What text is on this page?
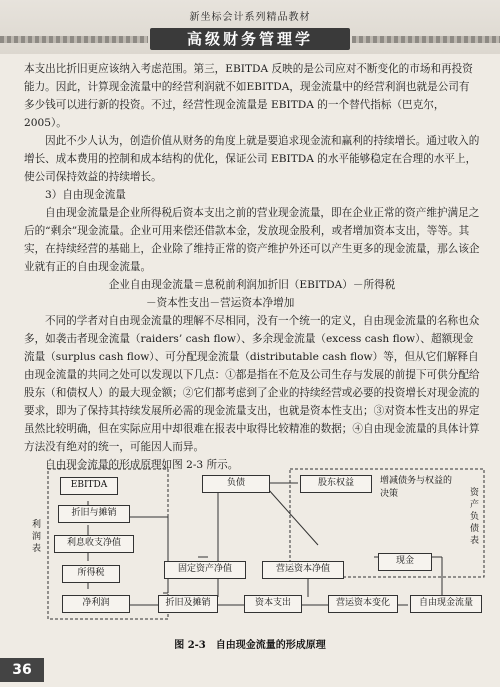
新坐标会计系列精品教材
高级财务管理学

本支出比折旧更应该纳入考虑范围。第三，EBITDA 反映的是公司应对不断变化的市场和再投资能力。因此，计算现金流量中的经营利润就不如EBITDA，现金流量中的经营利润也就是公司有多少钱可以进行新的投资。不过，经营性现金流量是 EBITDA 的一个替代指标（巴克尔，2005）。

因此不少人认为，创造价值从财务的角度上就是要追求现金流和赢利的持续增长。通过收入的增长、成本费用的控制和成本结构的优化，保证公司 EBITDA 的水平能够稳定在合理的水平上，使公司保持效益的持续增长。

3）自由现金流量

自由现金流量是企业所得税后资本支出之前的营业现金流量，即在企业正常的资产维护满足之后的“剩余”现金流量。企业可用来偿还借款本金，发放现金股利，或者增加资本支出，等等。其实，在持续经营的基础上，企业除了维持正常的资产维护外还可以产生更多的现金流量，那么该企业就有正的自由现金流量。

企业自由现金流量＝息税前利润加折旧（EBITDA）－所得税

－资本性支出－营运资本净增加

不同的学者对自由现金流量的理解不尽相同，没有一个统一的定义，自由现金流量的名称也众多，如袭击者现金流量（raiders’ cash flow）、多余现金流量（excess cash flow）、超额现金流量（surplus cash flow）、可分配现金流量（distributable cash flow）等，但从它们解释自由现金流量的共同之处可以发现以下几点：①都是指在不危及公司生存与发展的前提下可供分配给股东（和债权人）的最大现金额；②它们都考虑到了企业的持续经营或必要的投资增长对现金流的要求，即为了保持其持续发展所必需的现金流量支出，也就是资本性支出；③对资本性支出的界定虽然比较明确，但在实际应用中却很难在报表中取得比较精准的数据；④自由现金流量的具体计算方法没有绝对的统一，可能因人而异。

自由现金流量的形成原理如图 2-3 所示。

利润表
资产负债表
增减债务与权益的决策
EBITDA
折旧与摊销
利息收支净值
所得税
净利润
负债	股东权益
固定资产净值	营运资本净值
现金
折旧及摊销	资本支出	营运资本变化	自由现金流量
图 2-3　自由现金流量的形成原理
36
